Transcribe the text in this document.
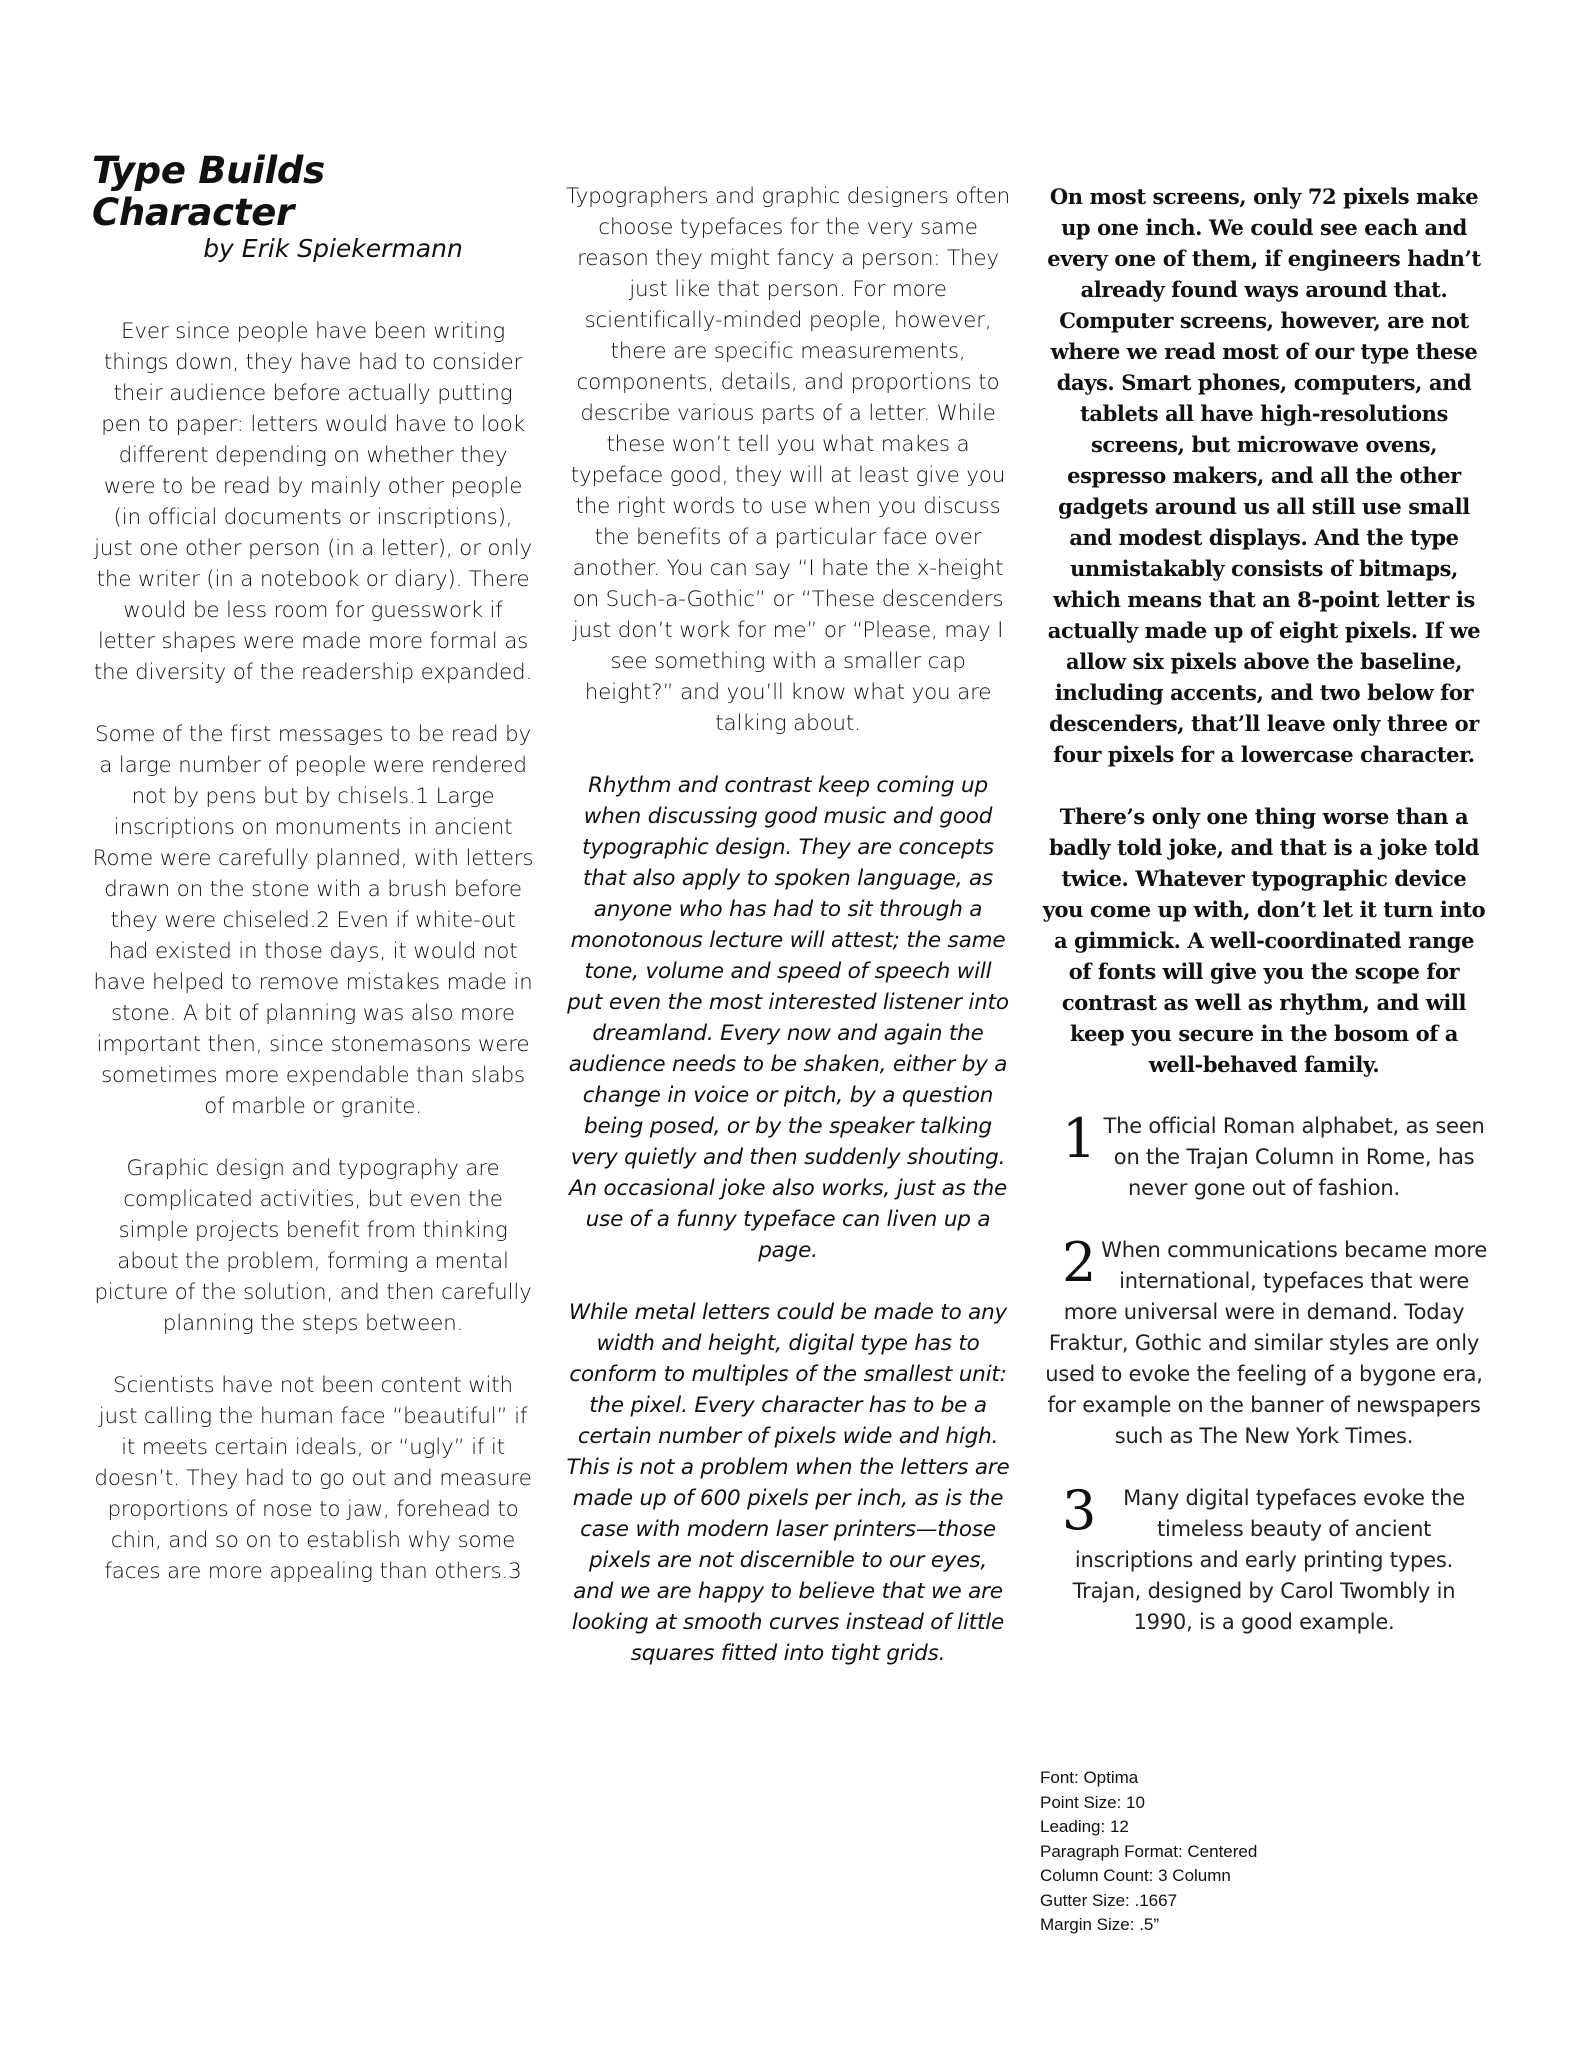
Type Builds Character
by Erik Spiekermann

Ever since people have been writing things down, they have had to consider their audience before actually putting pen to paper: letters would have to look different depending on whether they were to be read by mainly other people (in official documents or inscriptions), just one other person (in a letter), or only the writer (in a notebook or diary). There would be less room for guesswork if letter shapes were made more formal as the diversity of the readership expanded.

Some of the first messages to be read by a large number of people were rendered not by pens but by chisels.1 Large inscriptions on monuments in ancient Rome were carefully planned, with letters drawn on the stone with a brush before they were chiseled.2 Even if white-out had existed in those days, it would not have helped to remove mistakes made in stone. A bit of planning was also more important then, since stonemasons were sometimes more expendable than slabs of marble or granite.

Graphic design and typography are complicated activities, but even the simple projects benefit from thinking about the problem, forming a mental picture of the solution, and then carefully planning the steps between.

Scientists have not been content with just calling the human face “beautiful” if it meets certain ideals, or “ugly” if it doesn’t. They had to go out and measure proportions of nose to jaw, forehead to chin, and so on to establish why some faces are more appealing than others.3

Typographers and graphic designers often choose typefaces for the very same reason they might fancy a person: They just like that person. For more scientifically-minded people, however, there are specific measurements, components, details, and proportions to describe various parts of a letter. While these won’t tell you what makes a typeface good, they will at least give you the right words to use when you discuss the benefits of a particular face over another. You can say “I hate the x-height on Such-a-Gothic” or “These descenders just don’t work for me” or “Please, may I see something with a smaller cap height?” and you’ll know what you are talking about.

Rhythm and contrast keep coming up when discussing good music and good typographic design. They are concepts that also apply to spoken language, as anyone who has had to sit through a monotonous lecture will attest; the same tone, volume and speed of speech will put even the most interested listener into dreamland. Every now and again the audience needs to be shaken, either by a change in voice or pitch, by a question being posed, or by the speaker talking very quietly and then suddenly shouting. An occasional joke also works, just as the use of a funny typeface can liven up a page.

While metal letters could be made to any width and height, digital type has to conform to multiples of the smallest unit: the pixel. Every character has to be a certain number of pixels wide and high. This is not a problem when the letters are made up of 600 pixels per inch, as is the case with modern laser printers—those pixels are not discernible to our eyes, and we are happy to believe that we are looking at smooth curves instead of little squares fitted into tight grids.

On most screens, only 72 pixels make up one inch. We could see each and every one of them, if engineers hadn’t already found ways around that. Computer screens, however, are not where we read most of our type these days. Smart phones, computers, and tablets all have high-resolutions screens, but microwave ovens, espresso makers, and all the other gadgets around us all still use small and modest displays. And the type unmistakably consists of bitmaps, which means that an 8-point letter is actually made up of eight pixels. If we allow six pixels above the baseline, including accents, and two below for descenders, that’ll leave only three or four pixels for a lowercase character.

There’s only one thing worse than a badly told joke, and that is a joke told twice. Whatever typographic device you come up with, don’t let it turn into a gimmick. A well-coordinated range of fonts will give you the scope for contrast as well as rhythm, and will keep you secure in the bosom of a well-behaved family.

1 The official Roman alphabet, as seen on the Trajan Column in Rome, has never gone out of fashion.
2 When communications became more international, typefaces that were more universal were in demand. Today Fraktur, Gothic and similar styles are only used to evoke the feeling of a bygone era, for example on the banner of newspapers such as The New York Times.
3 Many digital typefaces evoke the timeless beauty of ancient inscriptions and early printing types. Trajan, designed by Carol Twombly in 1990, is a good example.
Font: Optima
Point Size: 10
Leading: 12
Paragraph Format: Centered
Column Count: 3 Column
Gutter Size: .1667
Margin Size: .5”
